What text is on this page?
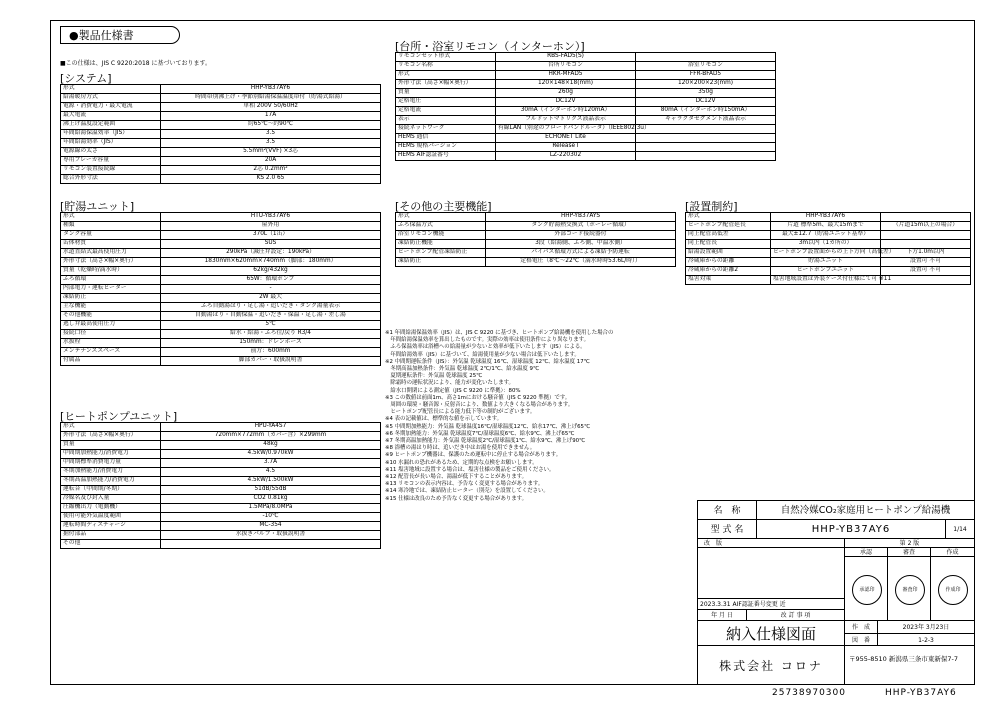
●製品仕様書
■この仕様は、JIS C 9220:2018 に基づいております。
[システム]
形式	HHP-YB37AY6
給湯暖房方式	時間帯別沸上げ・季節別給湯保温温度帯付（貯湯式給湯）
電源・消費電力・最大電流	単相 200V 50/60Hz
最大電流	17A
沸上げ温度設定範囲	約65℃～約90℃
年間給湯保温効率（JIS）	3.5
年間給湯効率（JIS）	3.5
電源線の太さ	5.5mm²(VVF) ×3芯
専用ブレーカ容量	20A
リモコン装置接続線	2芯 0.2mm²
総合外形寸法	KS 2.0 65
[貯湯ユニット]
形式	HTU-YB37AY6
種類	屋外用
タンク容量	370L（1缶）
缶体材質	SUS
水道直結式最高使用圧力	290kPa（減圧弁設定：190kPa）
外形寸法（高さ×幅×奥行）	1830mm×620mm×740mm（脚部：180mm）
質量（乾燥時/満水時）	62kg/432kg
ふろ循環	65W：循環ポンプ
内部電力・運転ヒーター	-
凍結防止	2W 最大
主な機能	ふろ自動湯はり・足し湯・追いだき・タンク湯量表示
その他機能	自動湯はり・自動保温・追いだき・保温・足し湯・差し湯
逃し弁最高使用圧力	5℃
接続口径	給水・給湯・ふろ往/戻り R3/4
水抜栓	150mm：ドレンホース
メンテナンススペース	前方：600mm
付属品	脚部カバー・取扱説明書
[ヒートポンプユニット]
形式	HPU-YA4S7
外形寸法（高さ×幅×奥行）	720mm×772mm（カバー含）×299mm
質量	48kg
中間期加熱能力/消費電力	4.5kW/0.970kW
中間期標準消費電力量	3.7A
冬期加熱能力/消費電力	4.5
冬期高温加熱能力/消費電力	4.5kW/1.500kW
運転音（中間期/冬期）	51dB/55dB
冷媒名及び封入量	CO2 0.81kg
圧縮機出力（電動機）	1.5MPa/8.0MPa
使用可能外気温度範囲	-10℃
運転時間ディスチャージ	MC-354
据付部品	水抜きバルブ・取扱説明書
その他	
[台所・浴室リモコン（インターホン）]
リモコンセット形式	RBS-FAD5(S)	
リモコン名称	台所リモコン	浴室リモコン
形式	HKR-MFAD5	FFR-BFAD5
外形寸法（高さ×幅×奥行）	120×148×18(mm)	120×200×23(mm)
質量	260g	350g
定格電圧	DC12V	DC12V
定格電流	30mA（インターホン時120mA）	80mA（インターホン時150mA）
表示	フルドットマトリクス液晶表示	キャラクタセグメント液晶表示
接続ネットワーク	有線LAN（別途のブロードバンドルータ）（IEEE802.3u）	
HEMS 通信	ECHONET Lite	
HEMS 規格バージョン	Release I	
HEMS AIF認証番号	LZ-220302	
[その他の主要機能]
形式	HHP-YB37AYS
ふろ保温方式	タンク貯湯熱交換式（ポーレー循環）
浴室リモコン機能	外部コード接続器付
凍結防止機能	3段（給湯側、ふろ側、中温水側）
ヒートポンプ配管凍結防止	パイパス循環方式による凍結予防運転
凍結防止	定格電圧（8℃～22℃（満水時時53.6L/時））
[設置制約]
形式	HHP-YB37AY6	
ヒートポンプ配管延長	片道 標準5m、最大15mまで	（片道15m以上の場合）
同上配管高低差	最大±12.7（貯湯ユニット基準）	
同上配管長	3m以内（1カ所の）	
給湯設置範囲	ヒートポンプ設置面からの上下方向（高低差）	下方1.0m以内
冷蔵庫からの距離	貯湯ユニット	設置可 不可
冷蔵庫からの距離2	ヒートポンプユニット	設置可 不可
塩害対策	塩害地域設置は外装ケース付仕様にて可 ※11	
※1 年間給湯保温効率（JIS）は、JIS C 9220 に基づき、ヒートポンプ給湯機を使用した場合の
　年間給湯保温効率を算出したものです。実際の効率は使用条件により異なります。
　ふろ保温効率は浴槽への給湯量が少ないと効率が低下いたします（JIS）による。
　年間給湯効率（JIS）に基づいて、給湯使用量が少ない場合は低下いたします。
※2 中間期運転条件（JIS）：外気温 乾球温度 16℃、湿球温度 12℃、給水温度 17℃
　冬期高温加熱条件：外気温 乾球温度 2℃/1℃、給水温度 9℃
　夏期運転条件：外気温 乾球温度 25℃
　除霜時の運転状況により、能力が変化いたします。
　給水口開閉による測定値（JIS C 9220 に準拠）：80%
※3 この数値は前面1m、高さ1mにおける騒音値（JIS C 9220 準拠）です。
　周囲の環境・騒音源・反射音により、数値より大きくなる場合があります。
　ヒートポンプ配管長による能力低下等の制約がございます。
※4 表の記載値は、標準的な値を示しています。
※5 中間期加熱能力：外気温 乾球温度16℃/湿球温度12℃、給水17℃、沸上げ65℃
※6 冬期加熱能力：外気温 乾球温度7℃/湿球温度6℃、給水9℃、沸上げ65℃
※7 冬期高温加熱能力：外気温 乾球温度2℃/湿球温度1℃、給水9℃、沸上げ90℃
※8 浴槽の湯はり時は、追いだき中はお湯を使用できません。
※9 ヒートポンプ機器は、保護のため運転中に停止する場合があります。
※10 水漏れの恐れがあるため、定期的な点検をお願いします。
※11 塩害地域に設置する場合は、塩害仕様の製品をご使用ください。
※12 配管長が長い場合、湯温が低下することがあります。
※13 リモコンの表示内容は、予告なく変更する場合があります。
※14 寒冷地では、凍結防止ヒーター（別売）を設置してください。
※15 仕様は改良のため予告なく変更する場合があります。
名　称	自然冷媒CO₂家庭用ヒートポンプ給湯機
型 式 名	HHP-YB37AY6	1/14
改　版	第 2 版
承認	審査	作成
承認印	審査印	作成印
2023.3.31 AIF認証番号変更 近
年 月 日	改 訂 事 項
納入仕様図面	作　成	2023年 3月23日
図　番	1-2-3
株式会社 コロナ	〒955-8510 新潟県三条市東新保7-7
25738970300	HHP-YB37AY6
